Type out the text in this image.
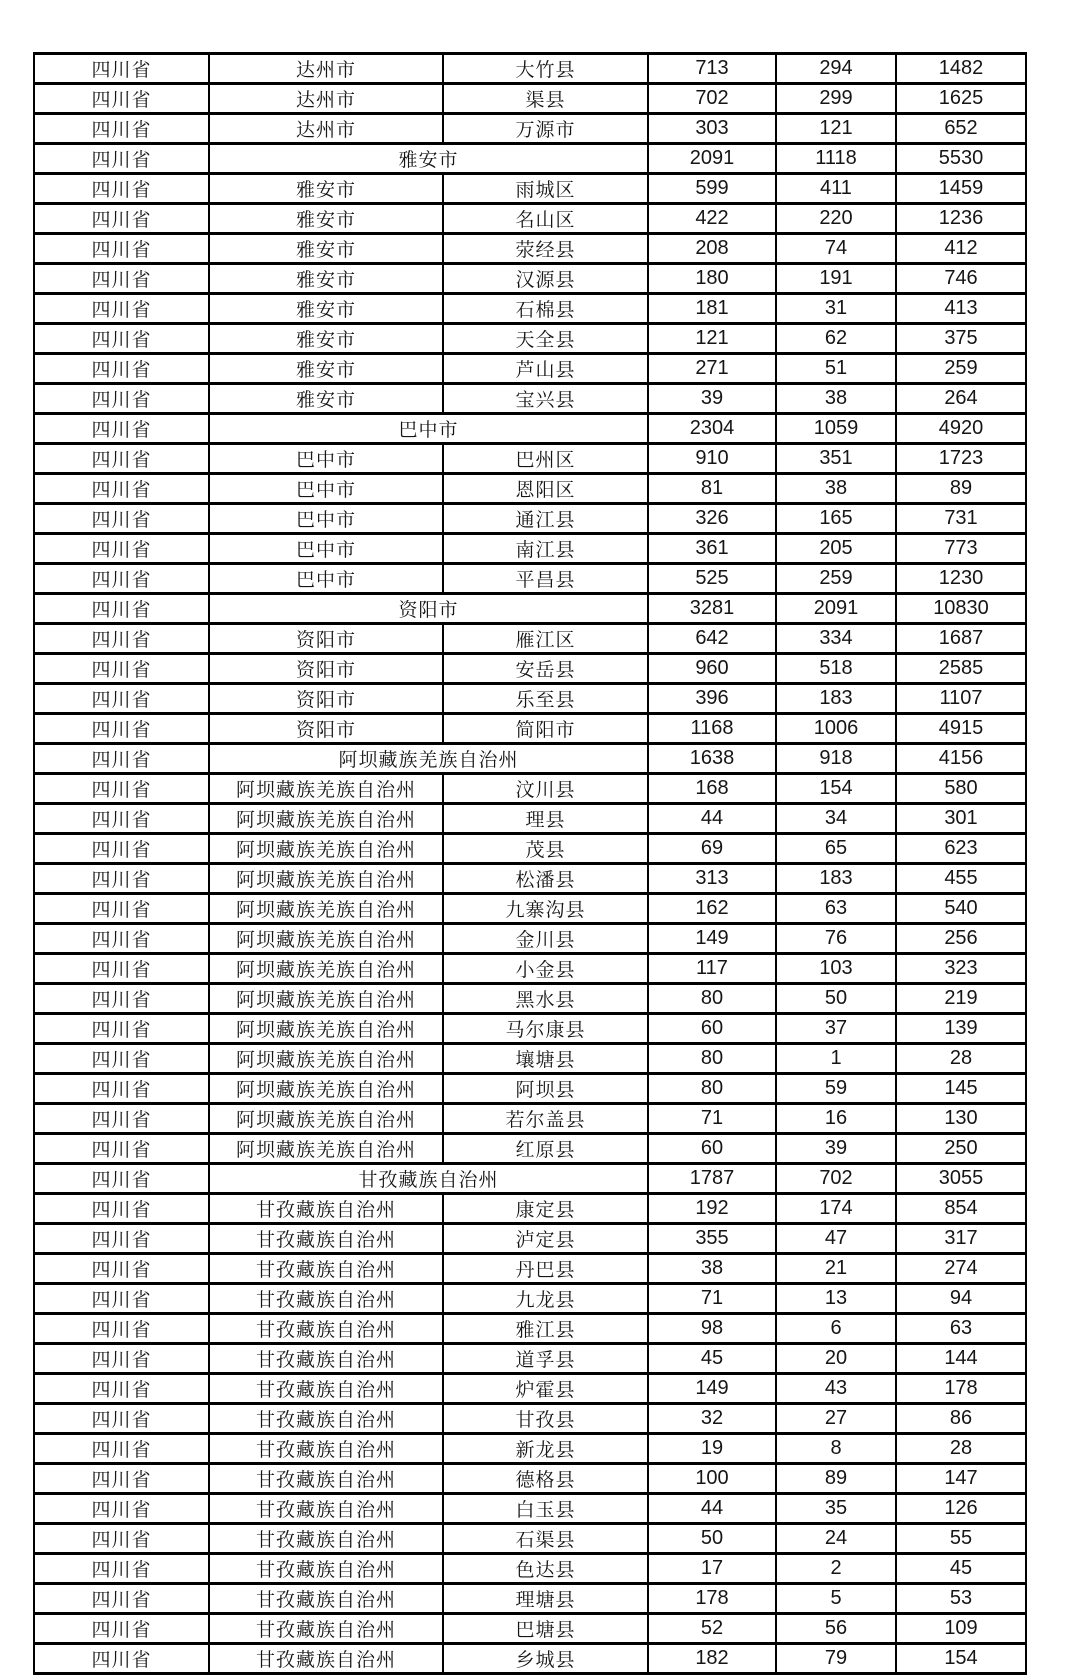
四川省	达州市	大竹县	713	294	1482
四川省	达州市	渠县	702	299	1625
四川省	达州市	万源市	303	121	652
四川省	雅安市		2091	1118	5530
四川省	雅安市	雨城区	599	411	1459
四川省	雅安市	名山区	422	220	1236
四川省	雅安市	荥经县	208	74	412
四川省	雅安市	汉源县	180	191	746
四川省	雅安市	石棉县	181	31	413
四川省	雅安市	天全县	121	62	375
四川省	雅安市	芦山县	271	51	259
四川省	雅安市	宝兴县	39	38	264
四川省	巴中市		2304	1059	4920
四川省	巴中市	巴州区	910	351	1723
四川省	巴中市	恩阳区	81	38	89
四川省	巴中市	通江县	326	165	731
四川省	巴中市	南江县	361	205	773
四川省	巴中市	平昌县	525	259	1230
四川省	资阳市		3281	2091	10830
四川省	资阳市	雁江区	642	334	1687
四川省	资阳市	安岳县	960	518	2585
四川省	资阳市	乐至县	396	183	1107
四川省	资阳市	简阳市	1168	1006	4915
四川省	阿坝藏族羌族自治州		1638	918	4156
四川省	阿坝藏族羌族自治州	汶川县	168	154	580
四川省	阿坝藏族羌族自治州	理县	44	34	301
四川省	阿坝藏族羌族自治州	茂县	69	65	623
四川省	阿坝藏族羌族自治州	松潘县	313	183	455
四川省	阿坝藏族羌族自治州	九寨沟县	162	63	540
四川省	阿坝藏族羌族自治州	金川县	149	76	256
四川省	阿坝藏族羌族自治州	小金县	117	103	323
四川省	阿坝藏族羌族自治州	黑水县	80	50	219
四川省	阿坝藏族羌族自治州	马尔康县	60	37	139
四川省	阿坝藏族羌族自治州	壤塘县	80	1	28
四川省	阿坝藏族羌族自治州	阿坝县	80	59	145
四川省	阿坝藏族羌族自治州	若尔盖县	71	16	130
四川省	阿坝藏族羌族自治州	红原县	60	39	250
四川省	甘孜藏族自治州		1787	702	3055
四川省	甘孜藏族自治州	康定县	192	174	854
四川省	甘孜藏族自治州	泸定县	355	47	317
四川省	甘孜藏族自治州	丹巴县	38	21	274
四川省	甘孜藏族自治州	九龙县	71	13	94
四川省	甘孜藏族自治州	雅江县	98	6	63
四川省	甘孜藏族自治州	道孚县	45	20	144
四川省	甘孜藏族自治州	炉霍县	149	43	178
四川省	甘孜藏族自治州	甘孜县	32	27	86
四川省	甘孜藏族自治州	新龙县	19	8	28
四川省	甘孜藏族自治州	德格县	100	89	147
四川省	甘孜藏族自治州	白玉县	44	35	126
四川省	甘孜藏族自治州	石渠县	50	24	55
四川省	甘孜藏族自治州	色达县	17	2	45
四川省	甘孜藏族自治州	理塘县	178	5	53
四川省	甘孜藏族自治州	巴塘县	52	56	109
四川省	甘孜藏族自治州	乡城县	182	79	154
